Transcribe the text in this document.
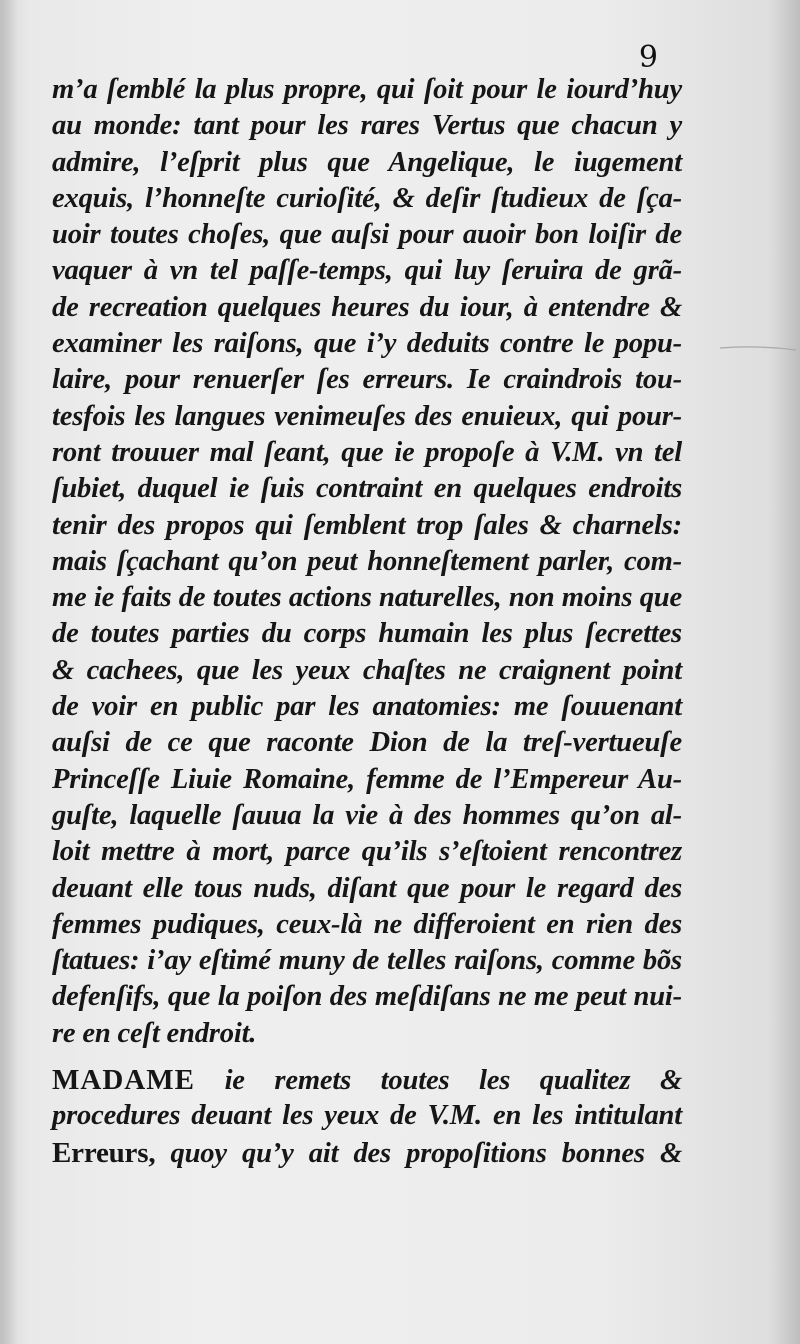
9
m’a ſemblé la plus propre, qui ſoit pour le iourd’huy
au monde: tant pour les rares Vertus que chacun y
admire, l’eſprit plus que Angelique, le iugement
exquis, l’honneſte curioſité, & deſir ſtudieux de ſça-
uoir toutes choſes, que auſsi pour auoir bon loiſir de
vaquer à vn tel paſſe-temps, qui luy ſeruira de grã-
de recreation quelques heures du iour, à entendre &
examiner les raiſons, que i’y deduits contre le popu-
laire, pour renuerſer ſes erreurs. Ie craindrois tou-
tesfois les langues venimeuſes des enuieux, qui pour-
ront trouuer mal ſeant, que ie propoſe à V.M. vn tel
ſubiet, duquel ie ſuis contraint en quelques endroits
tenir des propos qui ſemblent trop ſales & charnels:
mais ſçachant qu’on peut honneſtement parler, com-
me ie faits de toutes actions naturelles, non moins que
de toutes parties du corps humain les plus ſecrettes
& cachees, que les yeux chaſtes ne craignent point
de voir en public par les anatomies: me ſouuenant
auſsi de ce que raconte Dion de la treſ-vertueuſe
Princeſſe Liuie Romaine, femme de l’Empereur Au-
guſte, laquelle ſauua la vie à des hommes qu’on al-
loit mettre à mort, parce qu’ils s’eſtoient rencontrez
deuant elle tous nuds, diſant que pour le regard des
femmes pudiques, ceux-là ne differoient en rien des
ſtatues: i’ay eſtimé muny de telles raiſons, comme bõs
defenſifs, que la poiſon des meſdiſans ne me peut nui-
re en ceſt endroit.
MADAME ie remets toutes les qualitez &
procedures deuant les yeux de V.M. en les intitulant
Erreurs, quoy qu’y ait des propoſitions bonnes &
